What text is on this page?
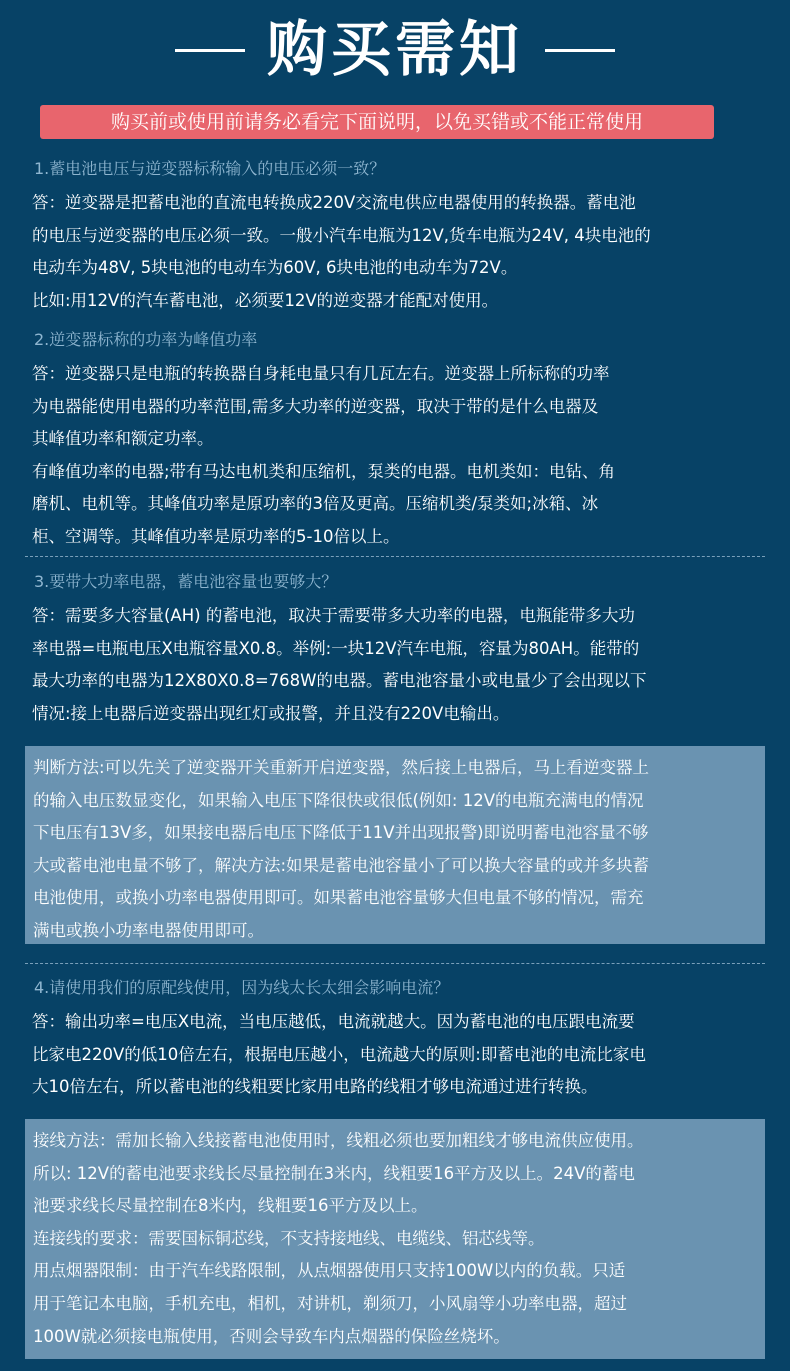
购买需知
购买前或使用前请务必看完下面说明，以免买错或不能正常使用
1.蓄电池电压与逆变器标称输入的电压必须一致？
答：逆变器是把蓄电池的直流电转换成220V交流电供应电器使用的转换器。蓄电池
的电压与逆变器的电压必须一致。一般小汽车电瓶为12V,货车电瓶为24V, 4块电池的
电动车为48V, 5块电池的电动车为60V, 6块电池的电动车为72V。
比如:用12V的汽车蓄电池，必须要12V的逆变器才能配对使用。
2.逆变器标称的功率为峰值功率
答：逆变器只是电瓶的转换器自身耗电量只有几瓦左右。逆变器上所标称的功率
为电器能使用电器的功率范围,需多大功率的逆变器，取决于带的是什么电器及
其峰值功率和额定功率。
有峰值功率的电器;带有马达电机类和压缩机，泵类的电器。电机类如：电钻、角
磨机、电机等。其峰值功率是原功率的3倍及更高。压缩机类/泵类如;冰箱、冰
柜、空调等。其峰值功率是原功率的5-10倍以上。
3.要带大功率电器，蓄电池容量也要够大？
答：需要多大容量(AH) 的蓄电池，取决于需要带多大功率的电器，电瓶能带多大功
率电器=电瓶电压X电瓶容量X0.8。举例:一块12V汽车电瓶，容量为80AH。能带的
最大功率的电器为12X80X0.8=768W的电器。蓄电池容量小或电量少了会出现以下
情况:接上电器后逆变器出现红灯或报警，并且没有220V电输出。
判断方法:可以先关了逆变器开关重新开启逆变器，然后接上电器后，马上看逆变器上
的输入电压数显变化，如果输入电压下降很快或很低(例如: 12V的电瓶充满电的情况
下电压有13V多，如果接电器后电压下降低于11V并出现报警)即说明蓄电池容量不够
大或蓄电池电量不够了，解决方法:如果是蓄电池容量小了可以换大容量的或并多块蓄
电池使用，或换小功率电器使用即可。如果蓄电池容量够大但电量不够的情况，需充
满电或换小功率电器使用即可。
4.请使用我们的原配线使用，因为线太长太细会影响电流？
答：输出功率=电压X电流，当电压越低，电流就越大。因为蓄电池的电压跟电流要
比家电220V的低10倍左右，根据电压越小，电流越大的原则:即蓄电池的电流比家电
大10倍左右，所以蓄电池的线粗要比家用电路的线粗才够电流通过进行转换。
接线方法：需加长输入线接蓄电池使用时，线粗必须也要加粗线才够电流供应使用。
所以: 12V的蓄电池要求线长尽量控制在3米内，线粗要16平方及以上。24V的蓄电
池要求线长尽量控制在8米内，线粗要16平方及以上。
连接线的要求：需要国标铜芯线，不支持接地线、电缆线、铝芯线等。
用点烟器限制：由于汽车线路限制，从点烟器使用只支持100W以内的负载。只适
用于笔记本电脑，手机充电，相机，对讲机，剃须刀，小风扇等小功率电器，超过
100W就必须接电瓶使用，否则会导致车内点烟器的保险丝烧坏。
